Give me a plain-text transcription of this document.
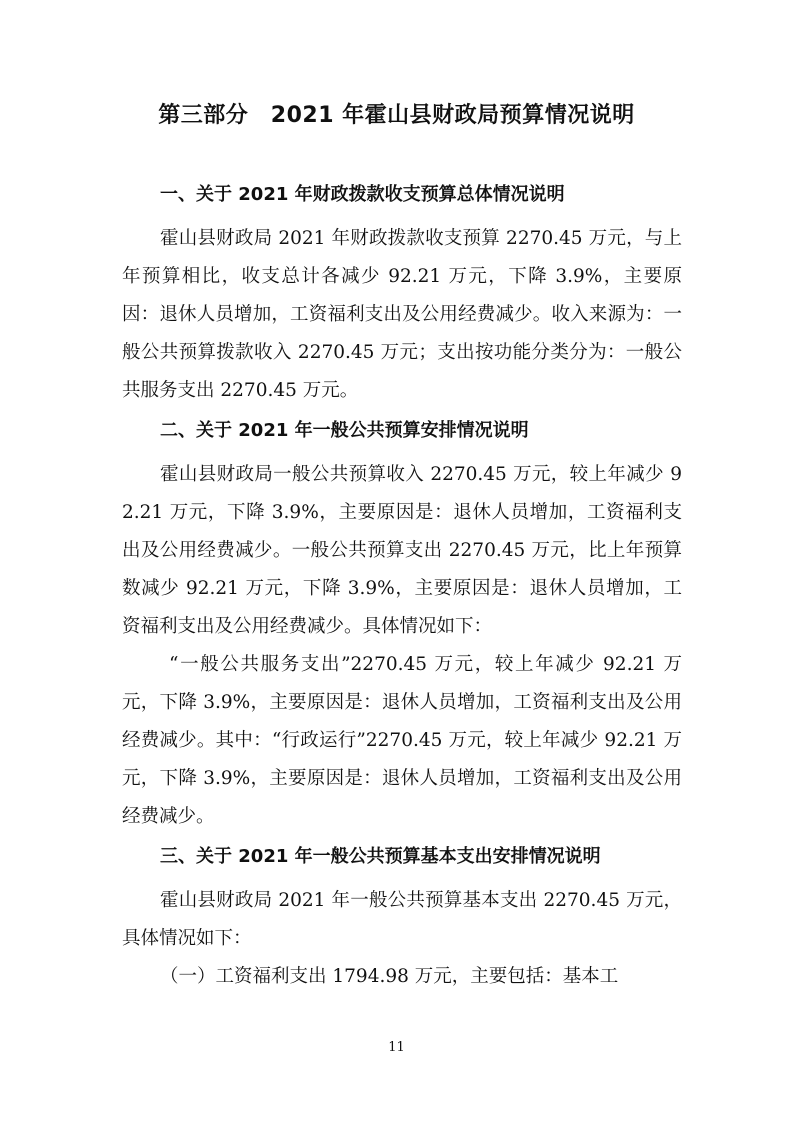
第三部分　2021 年霍山县财政局预算情况说明
一、关于 2021 年财政拨款收支预算总体情况说明

霍山县财政局 2021 年财政拨款收支预算 2270.45 万元，与上年预算相比，收支总计各减少 92.21 万元，下降 3.9%，主要原因：退休人员增加，工资福利支出及公用经费减少。收入来源为：一般公共预算拨款收入 2270.45 万元；支出按功能分类分为：一般公共服务支出 2270.45 万元。

二、关于 2021 年一般公共预算安排情况说明

霍山县财政局一般公共预算收入 2270.45 万元，较上年减少 92.21 万元，下降 3.9%，主要原因是：退休人员增加，工资福利支出及公用经费减少。一般公共预算支出 2270.45 万元，比上年预算数减少 92.21 万元，下降 3.9%，主要原因是：退休人员增加，工资福利支出及公用经费减少。具体情况如下：

“一般公共服务支出”2270.45 万元，较上年减少 92.21 万元，下降 3.9%，主要原因是：退休人员增加，工资福利支出及公用经费减少。其中：“行政运行”2270.45 万元，较上年减少 92.21 万元，下降 3.9%，主要原因是：退休人员增加，工资福利支出及公用经费减少。

三、关于 2021 年一般公共预算基本支出安排情况说明

霍山县财政局 2021 年一般公共预算基本支出 2270.45 万元，具体情况如下：

（一）工资福利支出 1794.98 万元，主要包括：基本工

11
